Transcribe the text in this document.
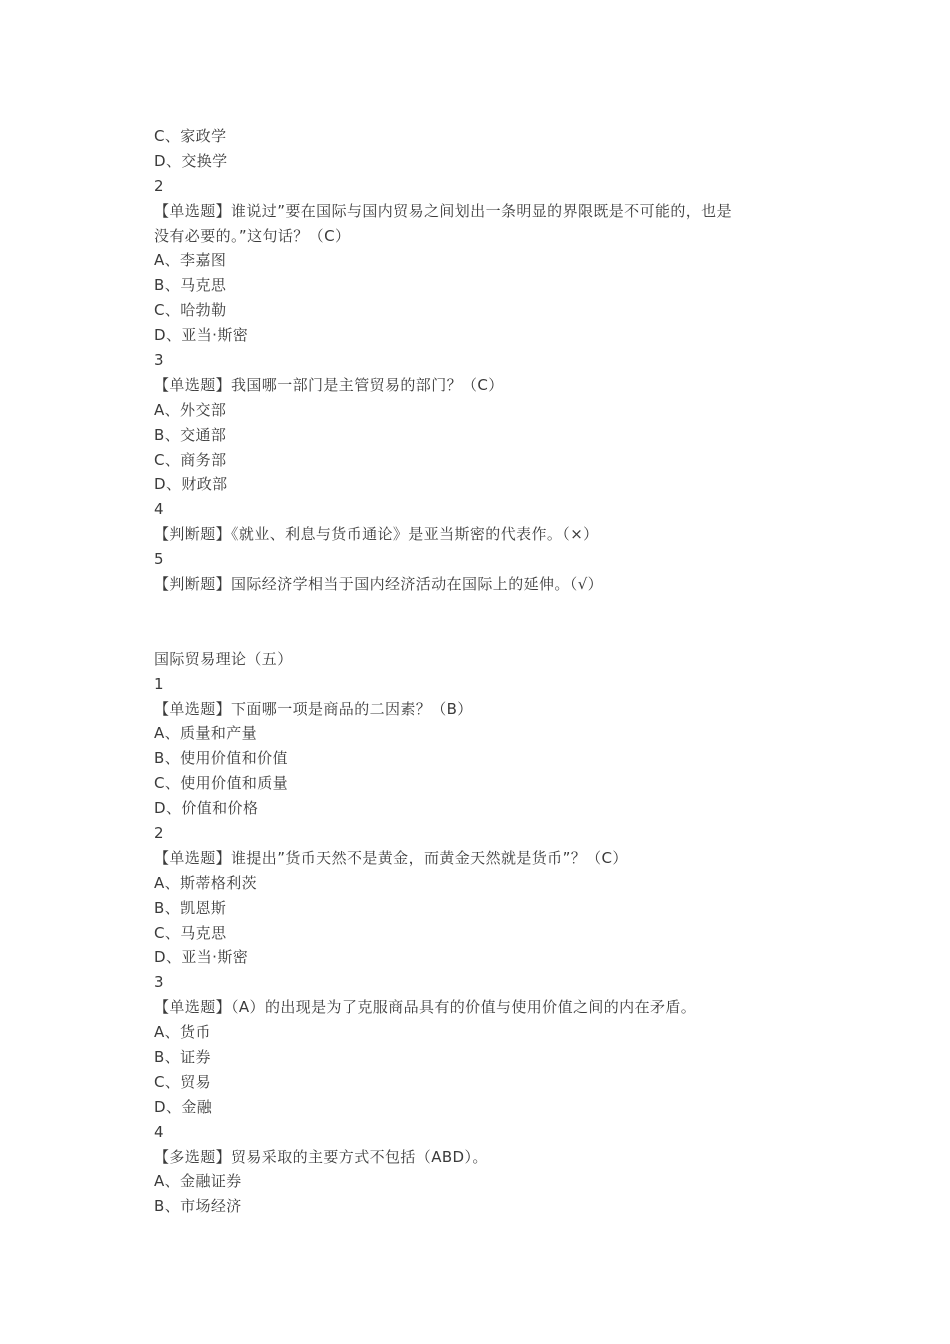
C、家政学
D、交换学
2
【单选题】谁说过”要在国际与国内贸易之间划出一条明显的界限既是不可能的，也是
没有必要的。”这句话？（C）
A、李嘉图
B、马克思
C、哈勃勒
D、亚当·斯密
3
【单选题】我国哪一部门是主管贸易的部门？（C）
A、外交部
B、交通部
C、商务部
D、财政部
4
【判断题】《就业、利息与货币通论》是亚当斯密的代表作。（×）
5
【判断题】国际经济学相当于国内经济活动在国际上的延伸。（√）
国际贸易理论（五）
1
【单选题】下面哪一项是商品的二因素？（B）
A、质量和产量
B、使用价值和价值
C、使用价值和质量
D、价值和价格
2
【单选题】谁提出”货币天然不是黄金，而黄金天然就是货币”？（C）
A、斯蒂格利茨
B、凯恩斯
C、马克思
D、亚当·斯密
3
【单选题】（A）的出现是为了克服商品具有的价值与使用价值之间的内在矛盾。
A、货币
B、证券
C、贸易
D、金融
4
【多选题】贸易采取的主要方式不包括（ABD）。
A、金融证券
B、市场经济
